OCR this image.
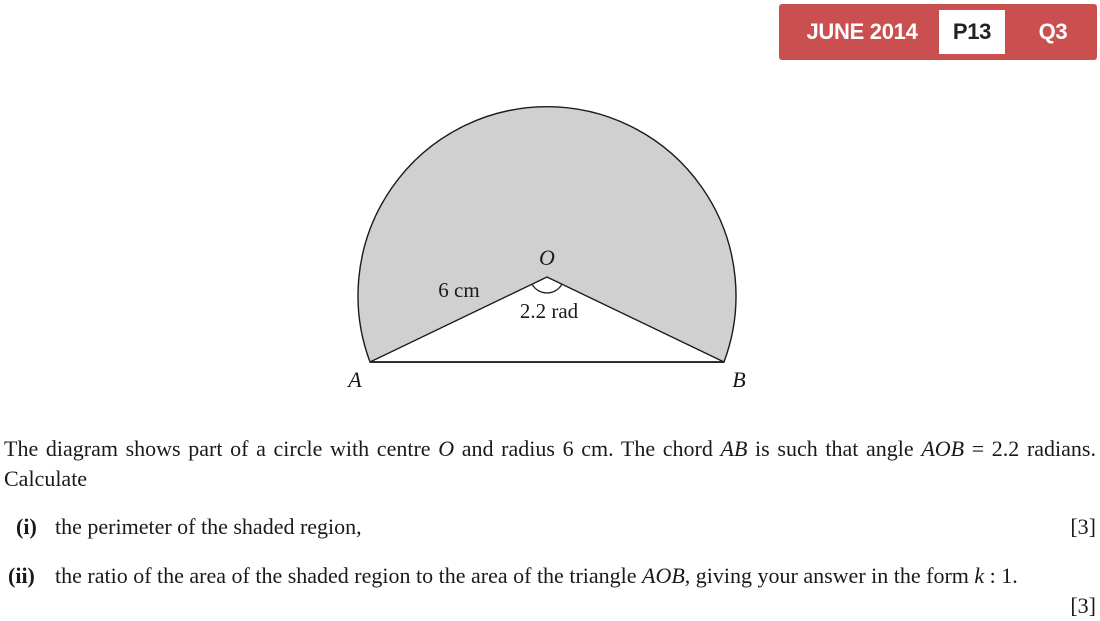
JUNE 2014	P13	Q3
O
6 cm
2.2 rad
A	B
The diagram shows part of a circle with centre O and radius 6 cm. The chord AB is such that angle AOB = 2.2 radians. Calculate
(i) the perimeter of the shaded region,	[3]
(ii) the ratio of the area of the shaded region to the area of the triangle AOB, giving your answer in the form k : 1.
[3]
